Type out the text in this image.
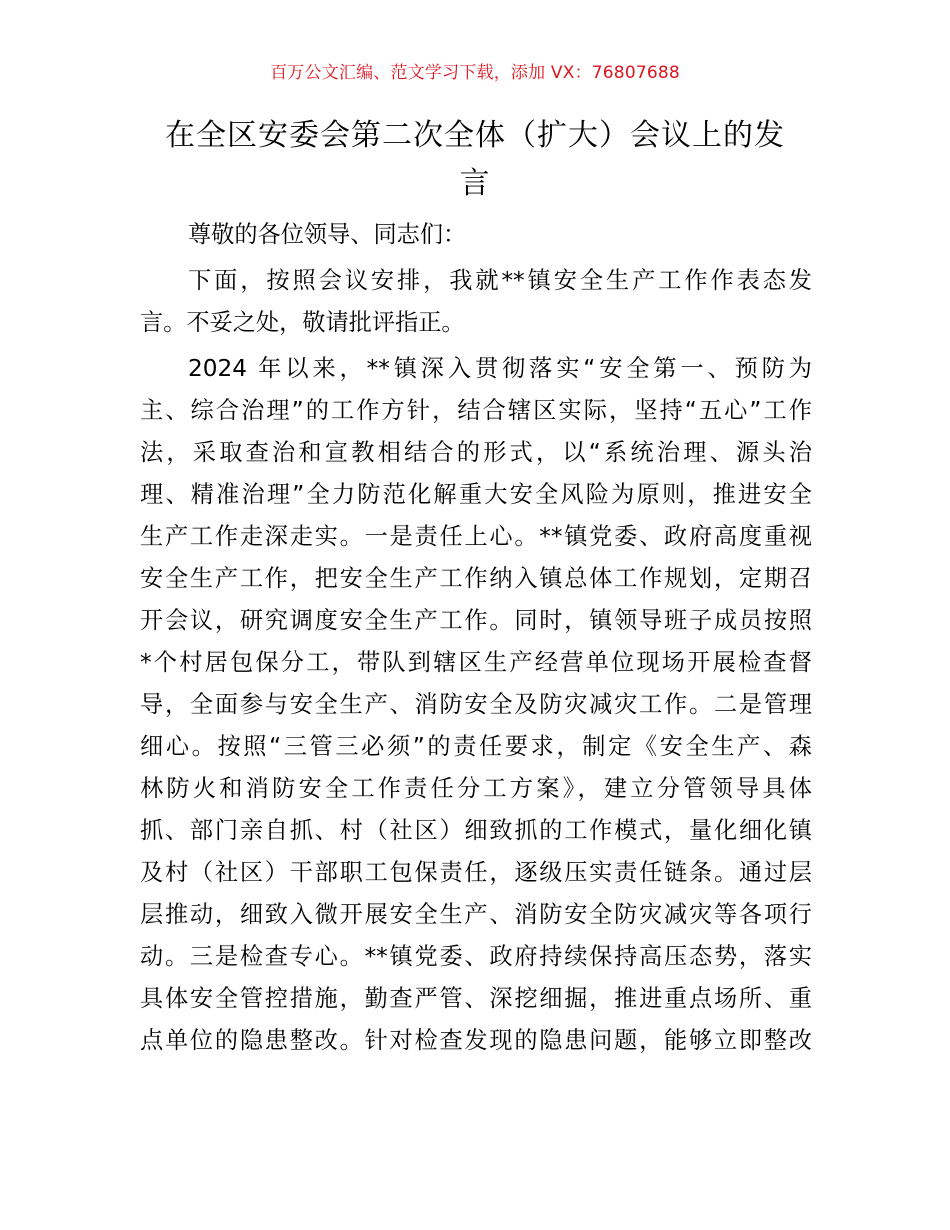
百万公文汇编、范文学习下载，添加 VX：76807688
在全区安委会第二次全体（扩大）会议上的发
言
尊敬的各位领导、同志们：
下面，按照会议安排，我就**镇安全生产工作作表态发
言。不妥之处，敬请批评指正。
2024 年以来，**镇深入贯彻落实“安全第一、预防为
主、综合治理”的工作方针，结合辖区实际，坚持“五心”工作
法，采取查治和宣教相结合的形式，以“系统治理、源头治
理、精准治理”全力防范化解重大安全风险为原则，推进安全
生产工作走深走实。一是责任上心。**镇党委、政府高度重视
安全生产工作，把安全生产工作纳入镇总体工作规划，定期召
开会议，研究调度安全生产工作。同时，镇领导班子成员按照
*个村居包保分工，带队到辖区生产经营单位现场开展检查督
导，全面参与安全生产、消防安全及防灾减灾工作。二是管理
细心。按照“三管三必须”的责任要求，制定《安全生产、森
林防火和消防安全工作责任分工方案》，建立分管领导具体
抓、部门亲自抓、村（社区）细致抓的工作模式，量化细化镇
及村（社区）干部职工包保责任，逐级压实责任链条。通过层
层推动，细致入微开展安全生产、消防安全防灾减灾等各项行
动。三是检查专心。**镇党委、政府持续保持高压态势，落实
具体安全管控措施，勤查严管、深挖细掘，推进重点场所、重
点单位的隐患整改。针对检查发现的隐患问题，能够立即整改
